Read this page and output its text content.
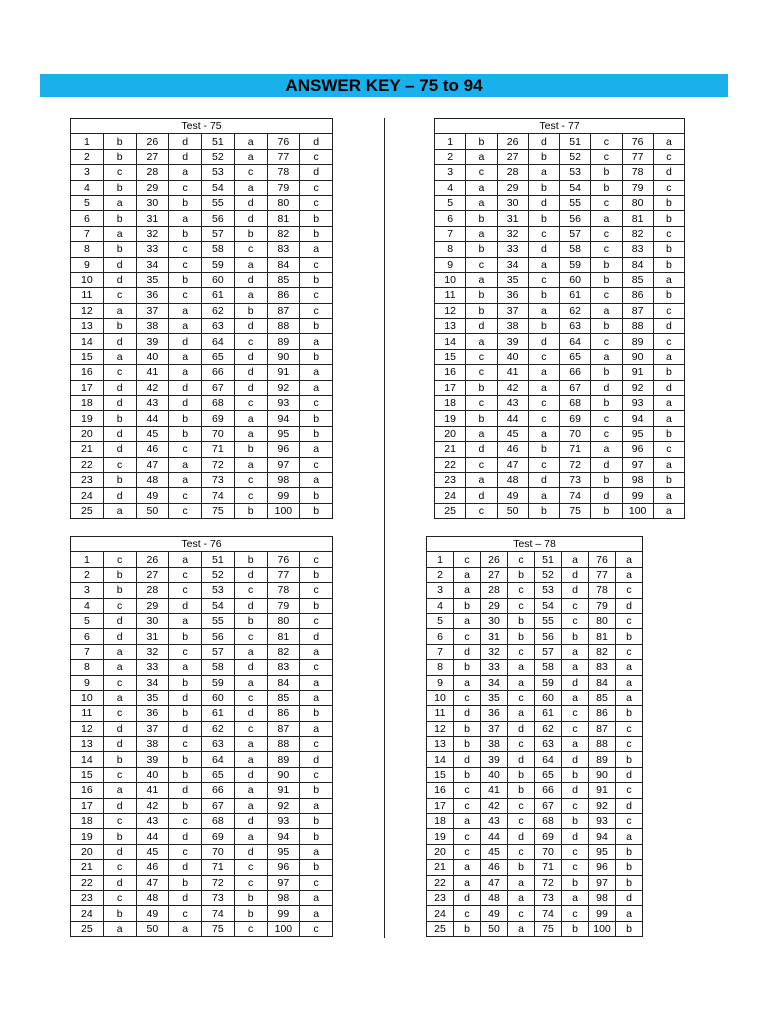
ANSWER KEY – 75 to 94
Test - 75							
1	b	26	d	51	a	76	d
2	b	27	d	52	a	77	c
3	c	28	a	53	c	78	d
4	b	29	c	54	a	79	c
5	a	30	b	55	d	80	c
6	b	31	a	56	d	81	b
7	a	32	b	57	b	82	b
8	b	33	c	58	c	83	a
9	d	34	c	59	a	84	c
10	d	35	b	60	d	85	b
11	c	36	c	61	a	86	c
12	a	37	a	62	b	87	c
13	b	38	a	63	d	88	b
14	d	39	d	64	c	89	a
15	a	40	a	65	d	90	b
16	c	41	a	66	d	91	a
17	d	42	d	67	d	92	a
18	d	43	d	68	c	93	c
19	b	44	b	69	a	94	b
20	d	45	b	70	a	95	b
21	d	46	c	71	b	96	a
22	c	47	a	72	a	97	c
23	b	48	a	73	c	98	a
24	d	49	c	74	c	99	b
25	a	50	c	75	b	100	b
Test - 77							
1	b	26	d	51	c	76	a
2	a	27	b	52	c	77	c
3	c	28	a	53	b	78	d
4	a	29	b	54	b	79	c
5	a	30	d	55	c	80	b
6	b	31	b	56	a	81	b
7	a	32	c	57	c	82	c
8	b	33	d	58	c	83	b
9	c	34	a	59	b	84	b
10	a	35	c	60	b	85	a
11	b	36	b	61	c	86	b
12	b	37	a	62	a	87	c
13	d	38	b	63	b	88	d
14	a	39	d	64	c	89	c
15	c	40	c	65	a	90	a
16	c	41	a	66	b	91	b
17	b	42	a	67	d	92	d
18	c	43	c	68	b	93	a
19	b	44	c	69	c	94	a
20	a	45	a	70	c	95	b
21	d	46	b	71	a	96	c
22	c	47	c	72	d	97	a
23	a	48	d	73	b	98	b
24	d	49	a	74	d	99	a
25	c	50	b	75	b	100	a
Test - 76							
1	c	26	a	51	b	76	c
2	b	27	c	52	d	77	b
3	b	28	c	53	c	78	c
4	c	29	d	54	d	79	b
5	d	30	a	55	b	80	c
6	d	31	b	56	c	81	d
7	a	32	c	57	a	82	a
8	a	33	a	58	d	83	c
9	c	34	b	59	a	84	a
10	a	35	d	60	c	85	a
11	c	36	b	61	d	86	b
12	d	37	d	62	c	87	a
13	d	38	c	63	a	88	c
14	b	39	b	64	a	89	d
15	c	40	b	65	d	90	c
16	a	41	d	66	a	91	b
17	d	42	b	67	a	92	a
18	c	43	c	68	d	93	b
19	b	44	d	69	a	94	b
20	d	45	c	70	d	95	a
21	c	46	d	71	c	96	b
22	d	47	b	72	c	97	c
23	c	48	d	73	b	98	a
24	b	49	c	74	b	99	a
25	a	50	a	75	c	100	c
Test – 78							
1	c	26	c	51	a	76	a
2	a	27	b	52	d	77	a
3	a	28	c	53	d	78	c
4	b	29	c	54	c	79	d
5	a	30	b	55	c	80	c
6	c	31	b	56	b	81	b
7	d	32	c	57	a	82	c
8	b	33	a	58	a	83	a
9	a	34	a	59	d	84	a
10	c	35	c	60	a	85	a
11	d	36	a	61	c	86	b
12	b	37	d	62	c	87	c
13	b	38	c	63	a	88	c
14	d	39	d	64	d	89	b
15	b	40	b	65	b	90	d
16	c	41	b	66	d	91	c
17	c	42	c	67	c	92	d
18	a	43	c	68	b	93	c
19	c	44	d	69	d	94	a
20	c	45	c	70	c	95	b
21	a	46	b	71	c	96	b
22	a	47	a	72	b	97	b
23	d	48	a	73	a	98	d
24	c	49	c	74	c	99	a
25	b	50	a	75	b	100	b
